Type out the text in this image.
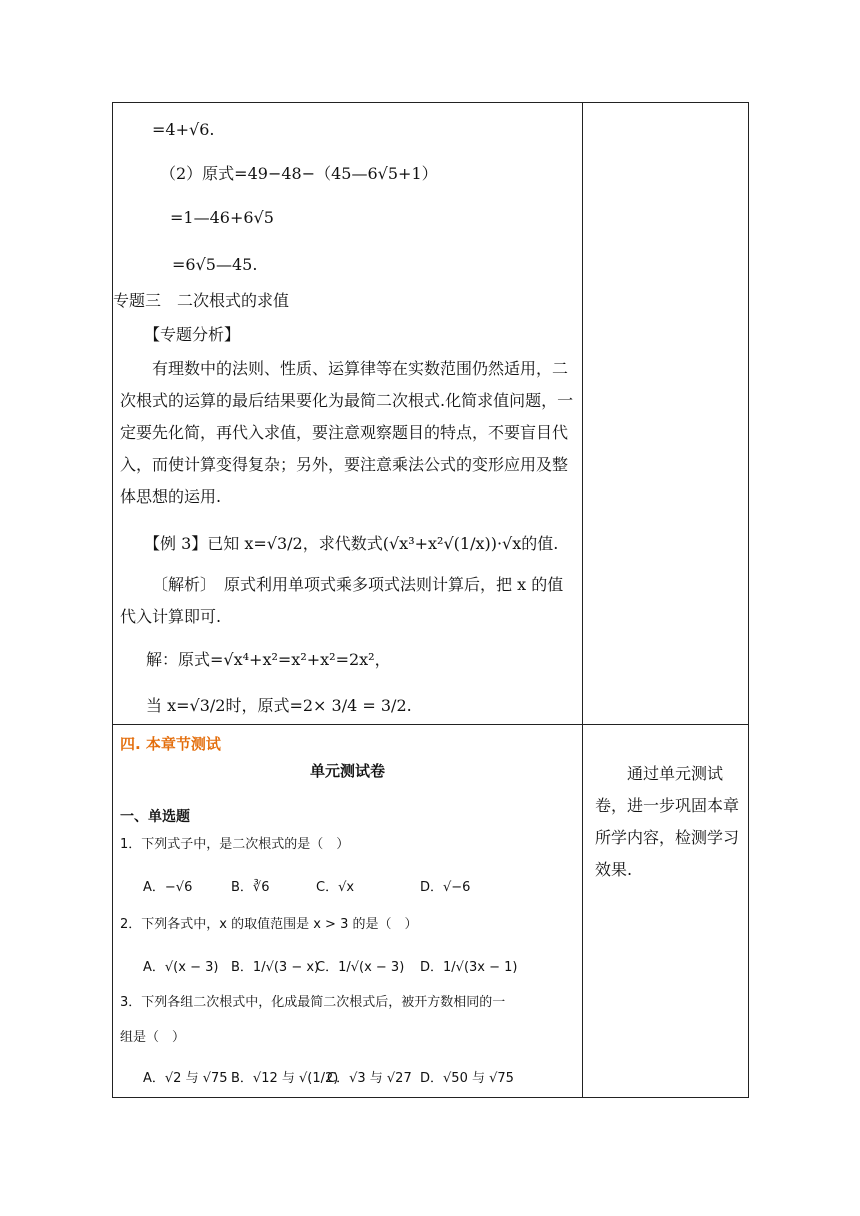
=4+√6.
（2）原式=49−48−（45—6√5+1）
=1—46+6√5
=6√5—45.
专题三　二次根式的求值
【专题分析】
有理数中的法则、性质、运算律等在实数范围仍然适用，二次根式的运算的最后结果要化为最简二次根式.化简求值问题，一定要先化简，再代入求值，要注意观察题目的特点，不要盲目代入，而使计算变得复杂；另外，要注意乘法公式的变形应用及整体思想的运用.
【例 3】已知 x=√3/2，求代数式(√x³+x²√(1/x))·√x的值.
〔解析〕　原式利用单项式乘多项式法则计算后，把 x 的值代入计算即可.
解：原式=√x⁴+x²=x²+x²=2x²，
当 x=√3/2时，原式=2× 3/4 = 3/2.
四. 本章节测试
单元测试卷
一、单选题
1．下列式子中，是二次根式的是（　）
A．−√6	B．∛6	C．√x	D．√−6
2．下列各式中，x 的取值范围是 x > 3 的是（　）
A．√(x − 3) B．1/√(3 − x)
C．1/√(x − 3) D．1/√(3x − 1)
3．下列各组二次根式中，化成最简二次根式后，被开方数相同的一
组是（　）
A．√2 与 √75 B．√12 与 √(1/2)
C．√3 与 √27 D．√50 与 √75
通过单元测试卷，进一步巩固本章所学内容，检测学习效果.
